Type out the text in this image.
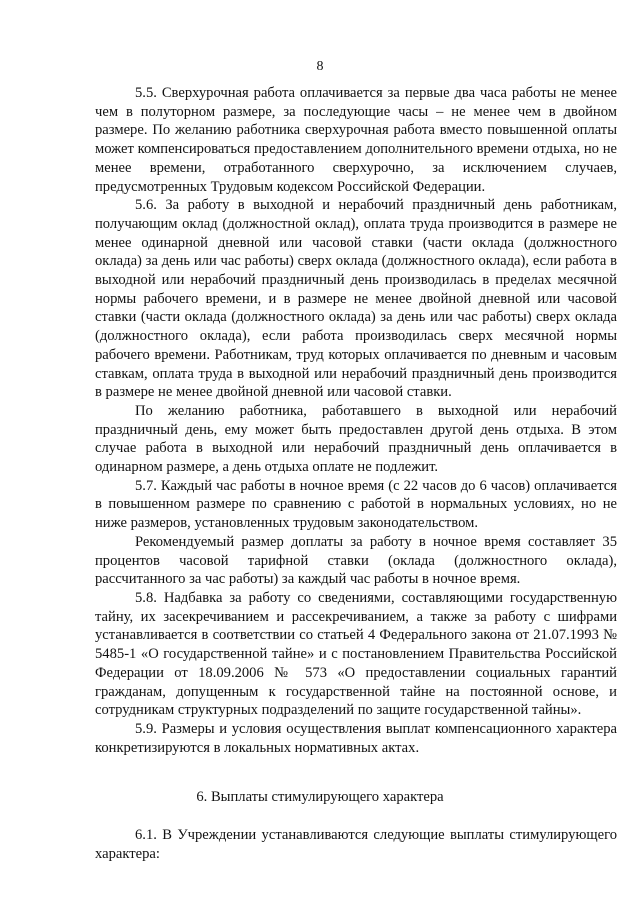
8

5.5. Сверхурочная работа оплачивается за первые два часа работы не менее чем в полуторном размере, за последующие часы – не менее чем в двойном размере. По желанию работника сверхурочная работа вместо повышенной оплаты может компенсироваться предоставлением дополнительного времени отдыха, но не менее времени, отработанного сверхурочно, за исключением случаев, предусмотренных Трудовым кодексом Российской Федерации.

5.6. За работу в выходной и нерабочий праздничный день работникам, получающим оклад (должностной оклад), оплата труда производится в размере не менее одинарной дневной или часовой ставки (части оклада (должностного оклада) за день или час работы) сверх оклада (должностного оклада), если работа в выходной или нерабочий праздничный день производилась в пределах месячной нормы рабочего времени, и в размере не менее двойной дневной или часовой ставки (части оклада (должностного оклада) за день или час работы) сверх оклада (должностного оклада), если работа производилась сверх месячной нормы рабочего времени. Работникам, труд которых оплачивается по дневным и часовым ставкам, оплата труда в выходной или нерабочий праздничный день производится в размере не менее двойной дневной или часовой ставки.

По желанию работника, работавшего в выходной или нерабочий праздничный день, ему может быть предоставлен другой день отдыха. В этом случае работа в выходной или нерабочий праздничный день оплачивается в одинарном размере, а день отдыха оплате не подлежит.

5.7. Каждый час работы в ночное время (с 22 часов до 6 часов) оплачивается в повышенном размере по сравнению с работой в нормальных условиях, но не ниже размеров, установленных трудовым законодательством.

Рекомендуемый размер доплаты за работу в ночное время составляет 35 процентов часовой тарифной ставки (оклада (должностного оклада), рассчитанного за час работы) за каждый час работы в ночное время.

5.8. Надбавка за работу со сведениями, составляющими государственную тайну, их засекречиванием и рассекречиванием, а также за работу с шифрами устанавливается в соответствии со статьей 4 Федерального закона от 21.07.1993 № 5485-1 «О государственной тайне» и с постановлением Правительства Российской Федерации от 18.09.2006 № 573 «О предоставлении социальных гарантий гражданам, допущенным к государственной тайне на постоянной основе, и сотрудникам структурных подразделений по защите государственной тайны».

5.9. Размеры и условия осуществления выплат компенсационного характера конкретизируются в локальных нормативных актах.

6. Выплаты стимулирующего характера

6.1. В Учреждении устанавливаются следующие выплаты стимулирующего характера:
